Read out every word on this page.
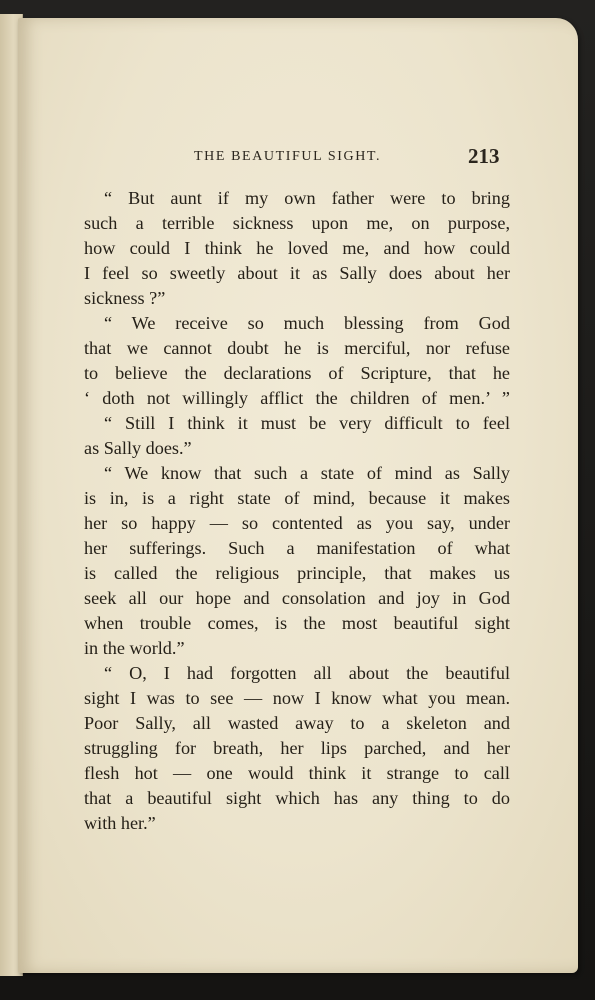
THE BEAUTIFUL SIGHT.	213
“ But aunt if my own father were to bring
such a terrible sickness upon me, on purpose,
how could I think he loved me, and how could
I feel so sweetly about it as Sally does about her
sickness ?”
“ We receive so much blessing from God
that we cannot doubt he is merciful, nor refuse
to believe the declarations of Scripture, that he
‘ doth not willingly afflict the children of men.’ ”
“ Still I think it must be very difficult to feel
as Sally does.”
“ We know that such a state of mind as Sally
is in, is a right state of mind, because it makes
her so happy — so contented as you say, under
her sufferings. Such a manifestation of what
is called the religious principle, that makes us
seek all our hope and consolation and joy in God
when trouble comes, is the most beautiful sight
in the world.”
“ O, I had forgotten all about the beautiful
sight I was to see — now I know what you mean.
Poor Sally, all wasted away to a skeleton and
struggling for breath, her lips parched, and her
flesh hot — one would think it strange to call
that a beautiful sight which has any thing to do
with her.”
